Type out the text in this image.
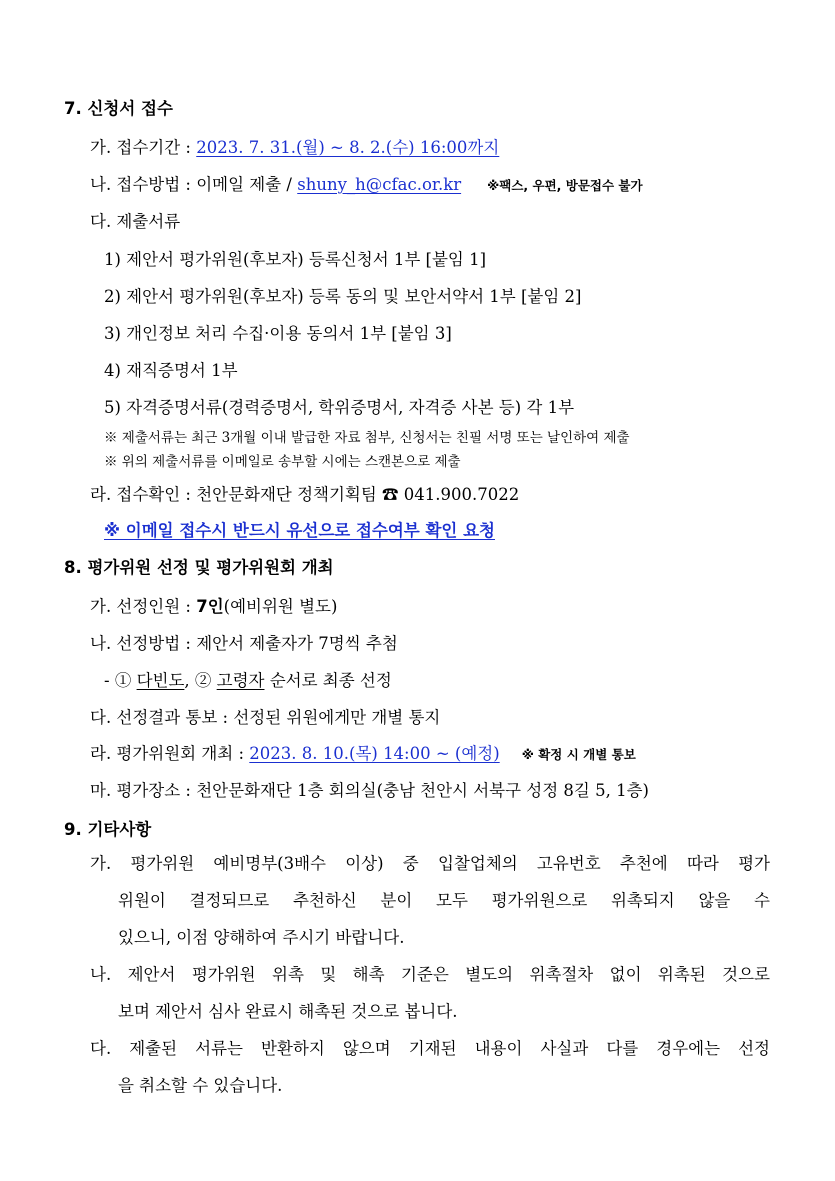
7. 신청서 접수
가. 접수기간 : 2023. 7. 31.(월) ~ 8. 2.(수) 16:00까지
나. 접수방법 : 이메일 제출 / shuny_h@cfac.or.kr ※팩스, 우편, 방문접수 불가
다. 제출서류
1) 제안서 평가위원(후보자) 등록신청서 1부 [붙임 1]
2) 제안서 평가위원(후보자) 등록 동의 및 보안서약서 1부 [붙임 2]
3) 개인정보 처리 수집·이용 동의서 1부 [붙임 3]
4) 재직증명서 1부
5) 자격증명서류(경력증명서, 학위증명서, 자격증 사본 등) 각 1부
※ 제출서류는 최근 3개월 이내 발급한 자료 첨부, 신청서는 친필 서명 또는 날인하여 제출
※ 위의 제출서류를 이메일로 송부할 시에는 스캔본으로 제출
라. 접수확인 : 천안문화재단 정책기획팀 ☎ 041.900.7022
※ 이메일 접수시 반드시 유선으로 접수여부 확인 요청
8. 평가위원 선정 및 평가위원회 개최
가. 선정인원 : 7인(예비위원 별도)
나. 선정방법 : 제안서 제출자가 7명씩 추첨
- ① 다빈도, ② 고령자 순서로 최종 선정
다. 선정결과 통보 : 선정된 위원에게만 개별 통지
라. 평가위원회 개최 : 2023. 8. 10.(목) 14:00 ~ (예정) ※ 확정 시 개별 통보
마. 평가장소 : 천안문화재단 1층 회의실(충남 천안시 서북구 성정 8길 5, 1층)
9. 기타사항
가. 평가위원 예비명부(3배수 이상) 중 입찰업체의 고유번호 추천에 따라 평가
위원이 결정되므로 추천하신 분이 모두 평가위원으로 위촉되지 않을 수
있으니, 이점 양해하여 주시기 바랍니다.
나. 제안서 평가위원 위촉 및 해촉 기준은 별도의 위촉절차 없이 위촉된 것으로
보며 제안서 심사 완료시 해촉된 것으로 봅니다.
다. 제출된 서류는 반환하지 않으며 기재된 내용이 사실과 다를 경우에는 선정
을 취소할 수 있습니다.
